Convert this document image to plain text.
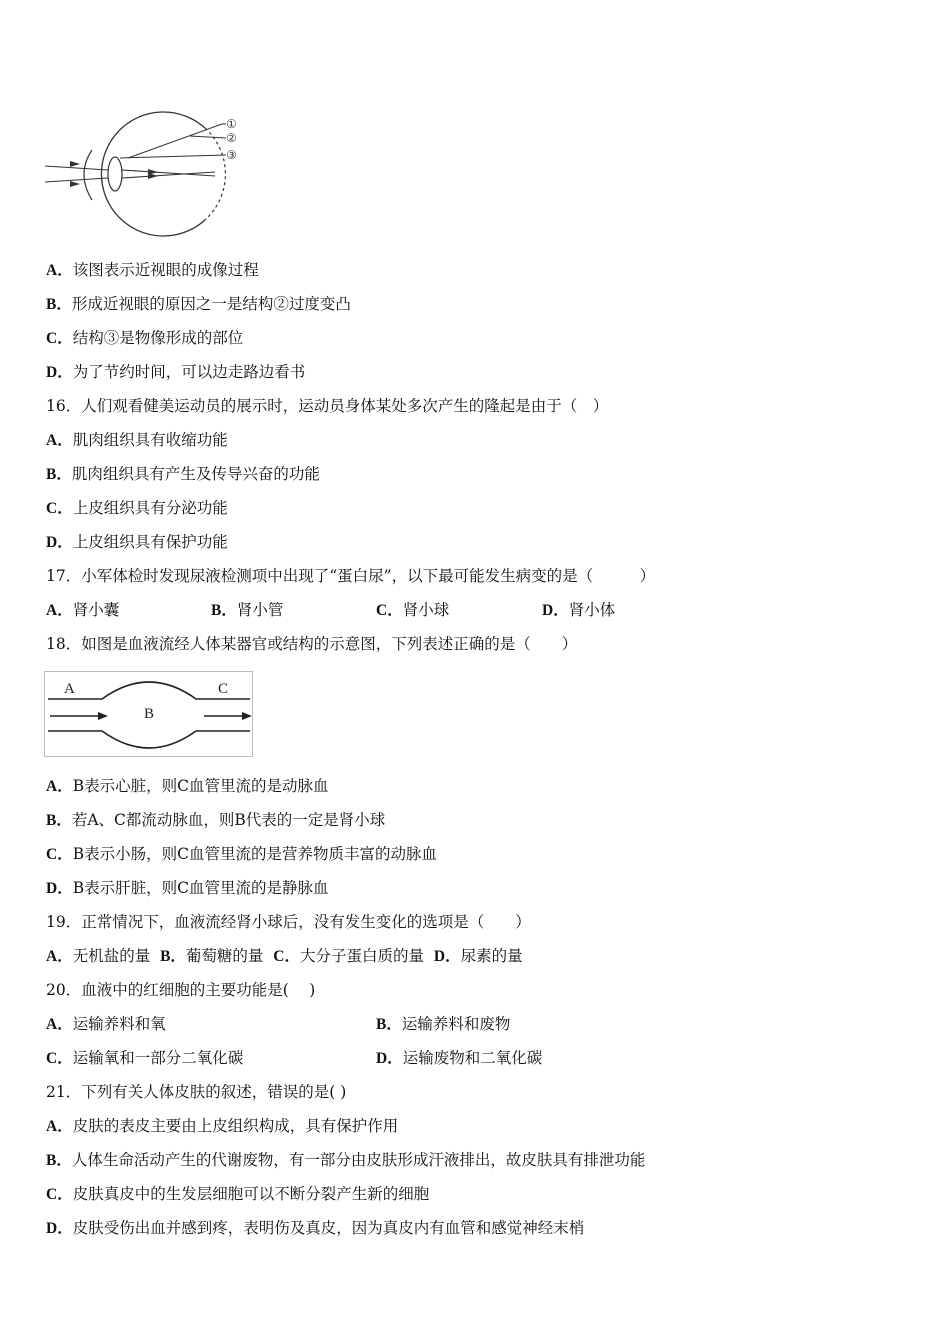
①
②
③
A．该图表示近视眼的成像过程
B．形成近视眼的原因之一是结构②过度变凸
C．结构③是物像形成的部位
D．为了节约时间，可以边走路边看书
16．人们观看健美运动员的展示时，运动员身体某处多次产生的隆起是由于（　）
A．肌肉组织具有收缩功能
B．肌肉组织具有产生及传导兴奋的功能
C．上皮组织具有分泌功能
D．上皮组织具有保护功能
17．小军体检时发现尿液检测项中出现了“蛋白尿”，以下最可能发生病变的是（　　　）
A．肾小囊	B．肾小管	C．肾小球	D．肾小体
18．如图是血液流经人体某器官或结构的示意图，下列表述正确的是（　　）
A
B
C
A．B表示心脏，则C血管里流的是动脉血
B．若A、C都流动脉血，则B代表的一定是肾小球
C．B表示小肠，则C血管里流的是营养物质丰富的动脉血
D．B表示肝脏，则C血管里流的是静脉血
19．正常情况下，血液流经肾小球后，没有发生变化的选项是（　　）
A．无机盐的量 B．葡萄糖的量 C．大分子蛋白质的量 D．尿素的量
20．血液中的红细胞的主要功能是(　 )
A．运输养料和氧	B．运输养料和废物
C．运输氧和一部分二氧化碳	D．运输废物和二氧化碳
21．下列有关人体皮肤的叙述，错误的是( )
A．皮肤的表皮主要由上皮组织构成，具有保护作用
B．人体生命活动产生的代谢废物，有一部分由皮肤形成汗液排出，故皮肤具有排泄功能
C．皮肤真皮中的生发层细胞可以不断分裂产生新的细胞
D．皮肤受伤出血并感到疼，表明伤及真皮，因为真皮内有血管和感觉神经末梢
